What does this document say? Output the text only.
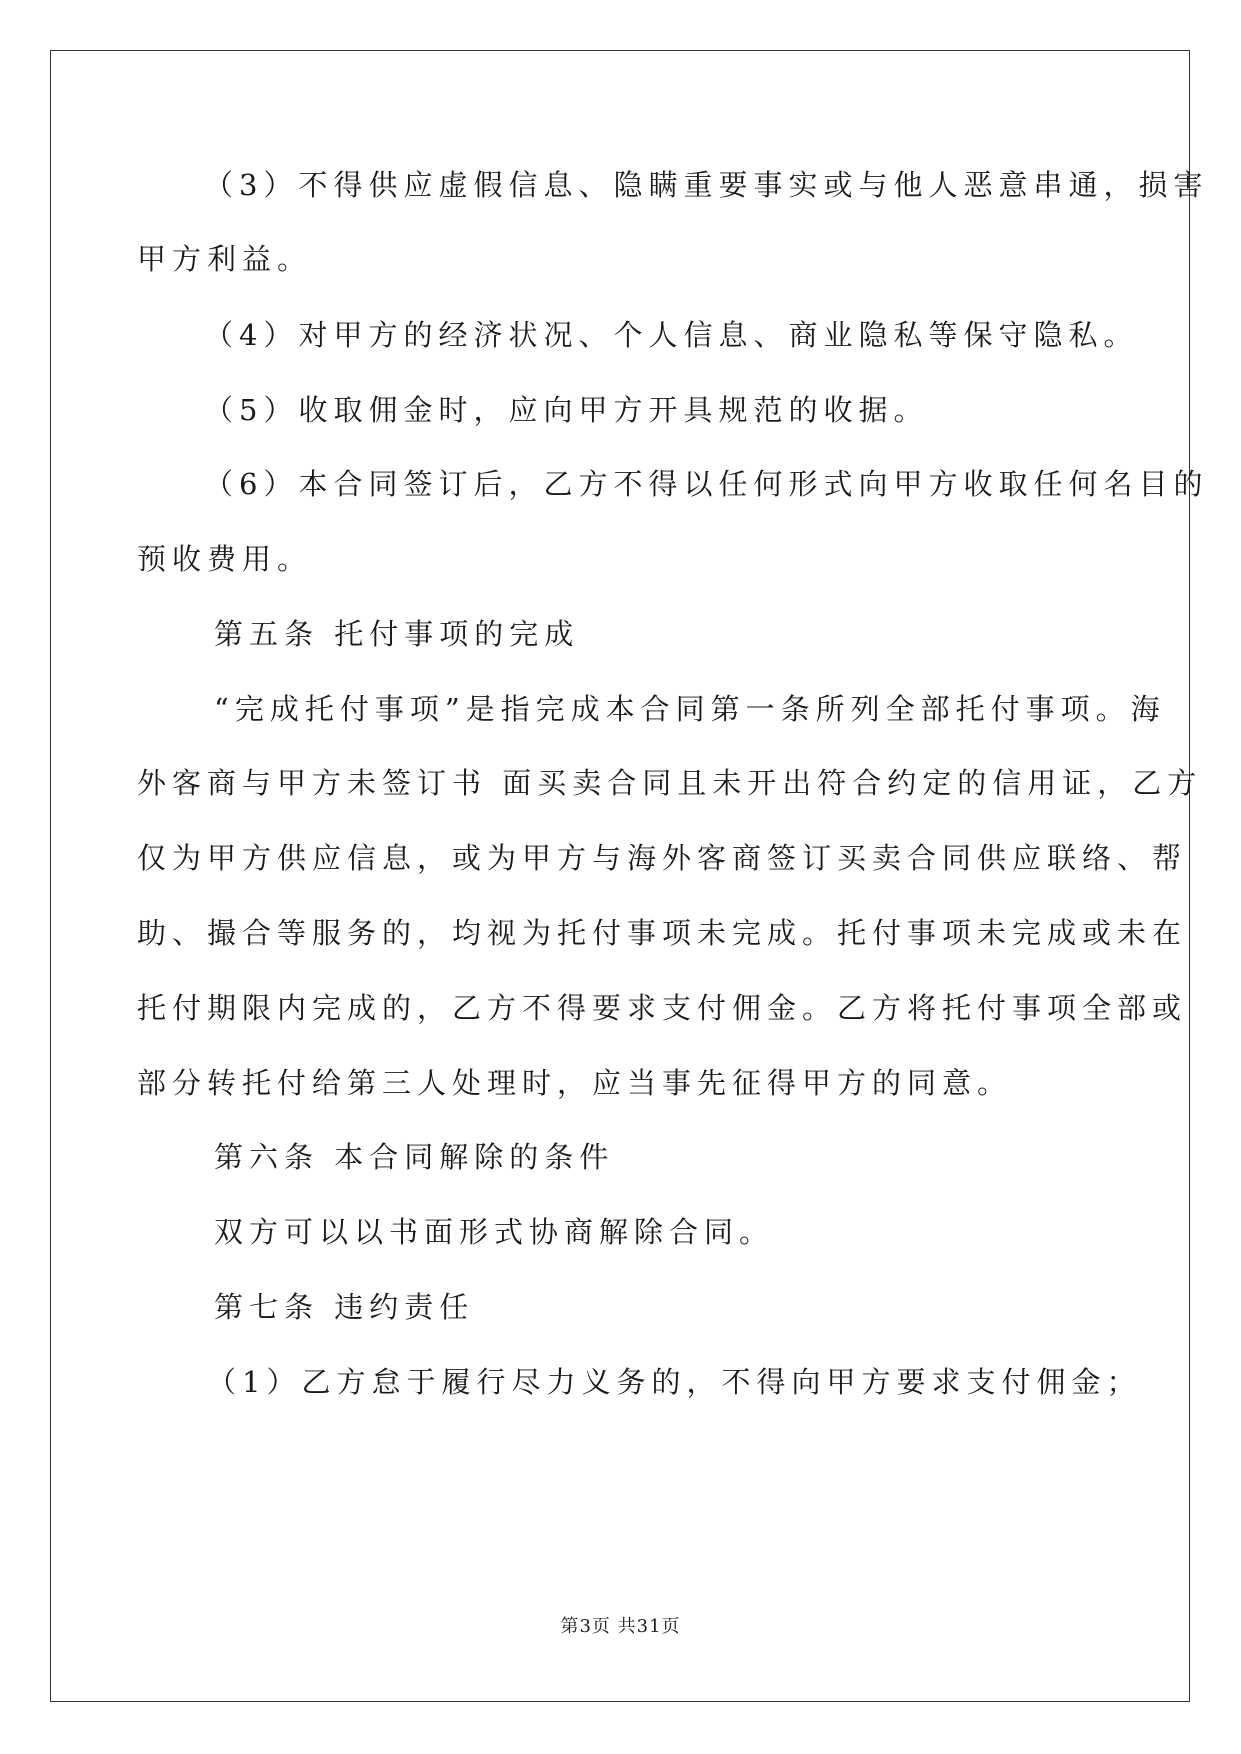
（3）不得供应虚假信息、隐瞒重要事实或与他人恶意串通，损害
甲方利益。
（4）对甲方的经济状况、个人信息、商业隐私等保守隐私。
（5）收取佣金时，应向甲方开具规范的收据。
（6）本合同签订后，乙方不得以任何形式向甲方收取任何名目的
预收费用。
第五条 托付事项的完成
“完成托付事项”是指完成本合同第一条所列全部托付事项。海
外客商与甲方未签订书 面买卖合同且未开出符合约定的信用证，乙方
仅为甲方供应信息，或为甲方与海外客商签订买卖合同供应联络、帮
助、撮合等服务的，均视为托付事项未完成。托付事项未完成或未在
托付期限内完成的，乙方不得要求支付佣金。乙方将托付事项全部或
部分转托付给第三人处理时，应当事先征得甲方的同意。
第六条 本合同解除的条件
双方可以以书面形式协商解除合同。
第七条 违约责任
（1）乙方怠于履行尽力义务的，不得向甲方要求支付佣金；
第3页 共31页
